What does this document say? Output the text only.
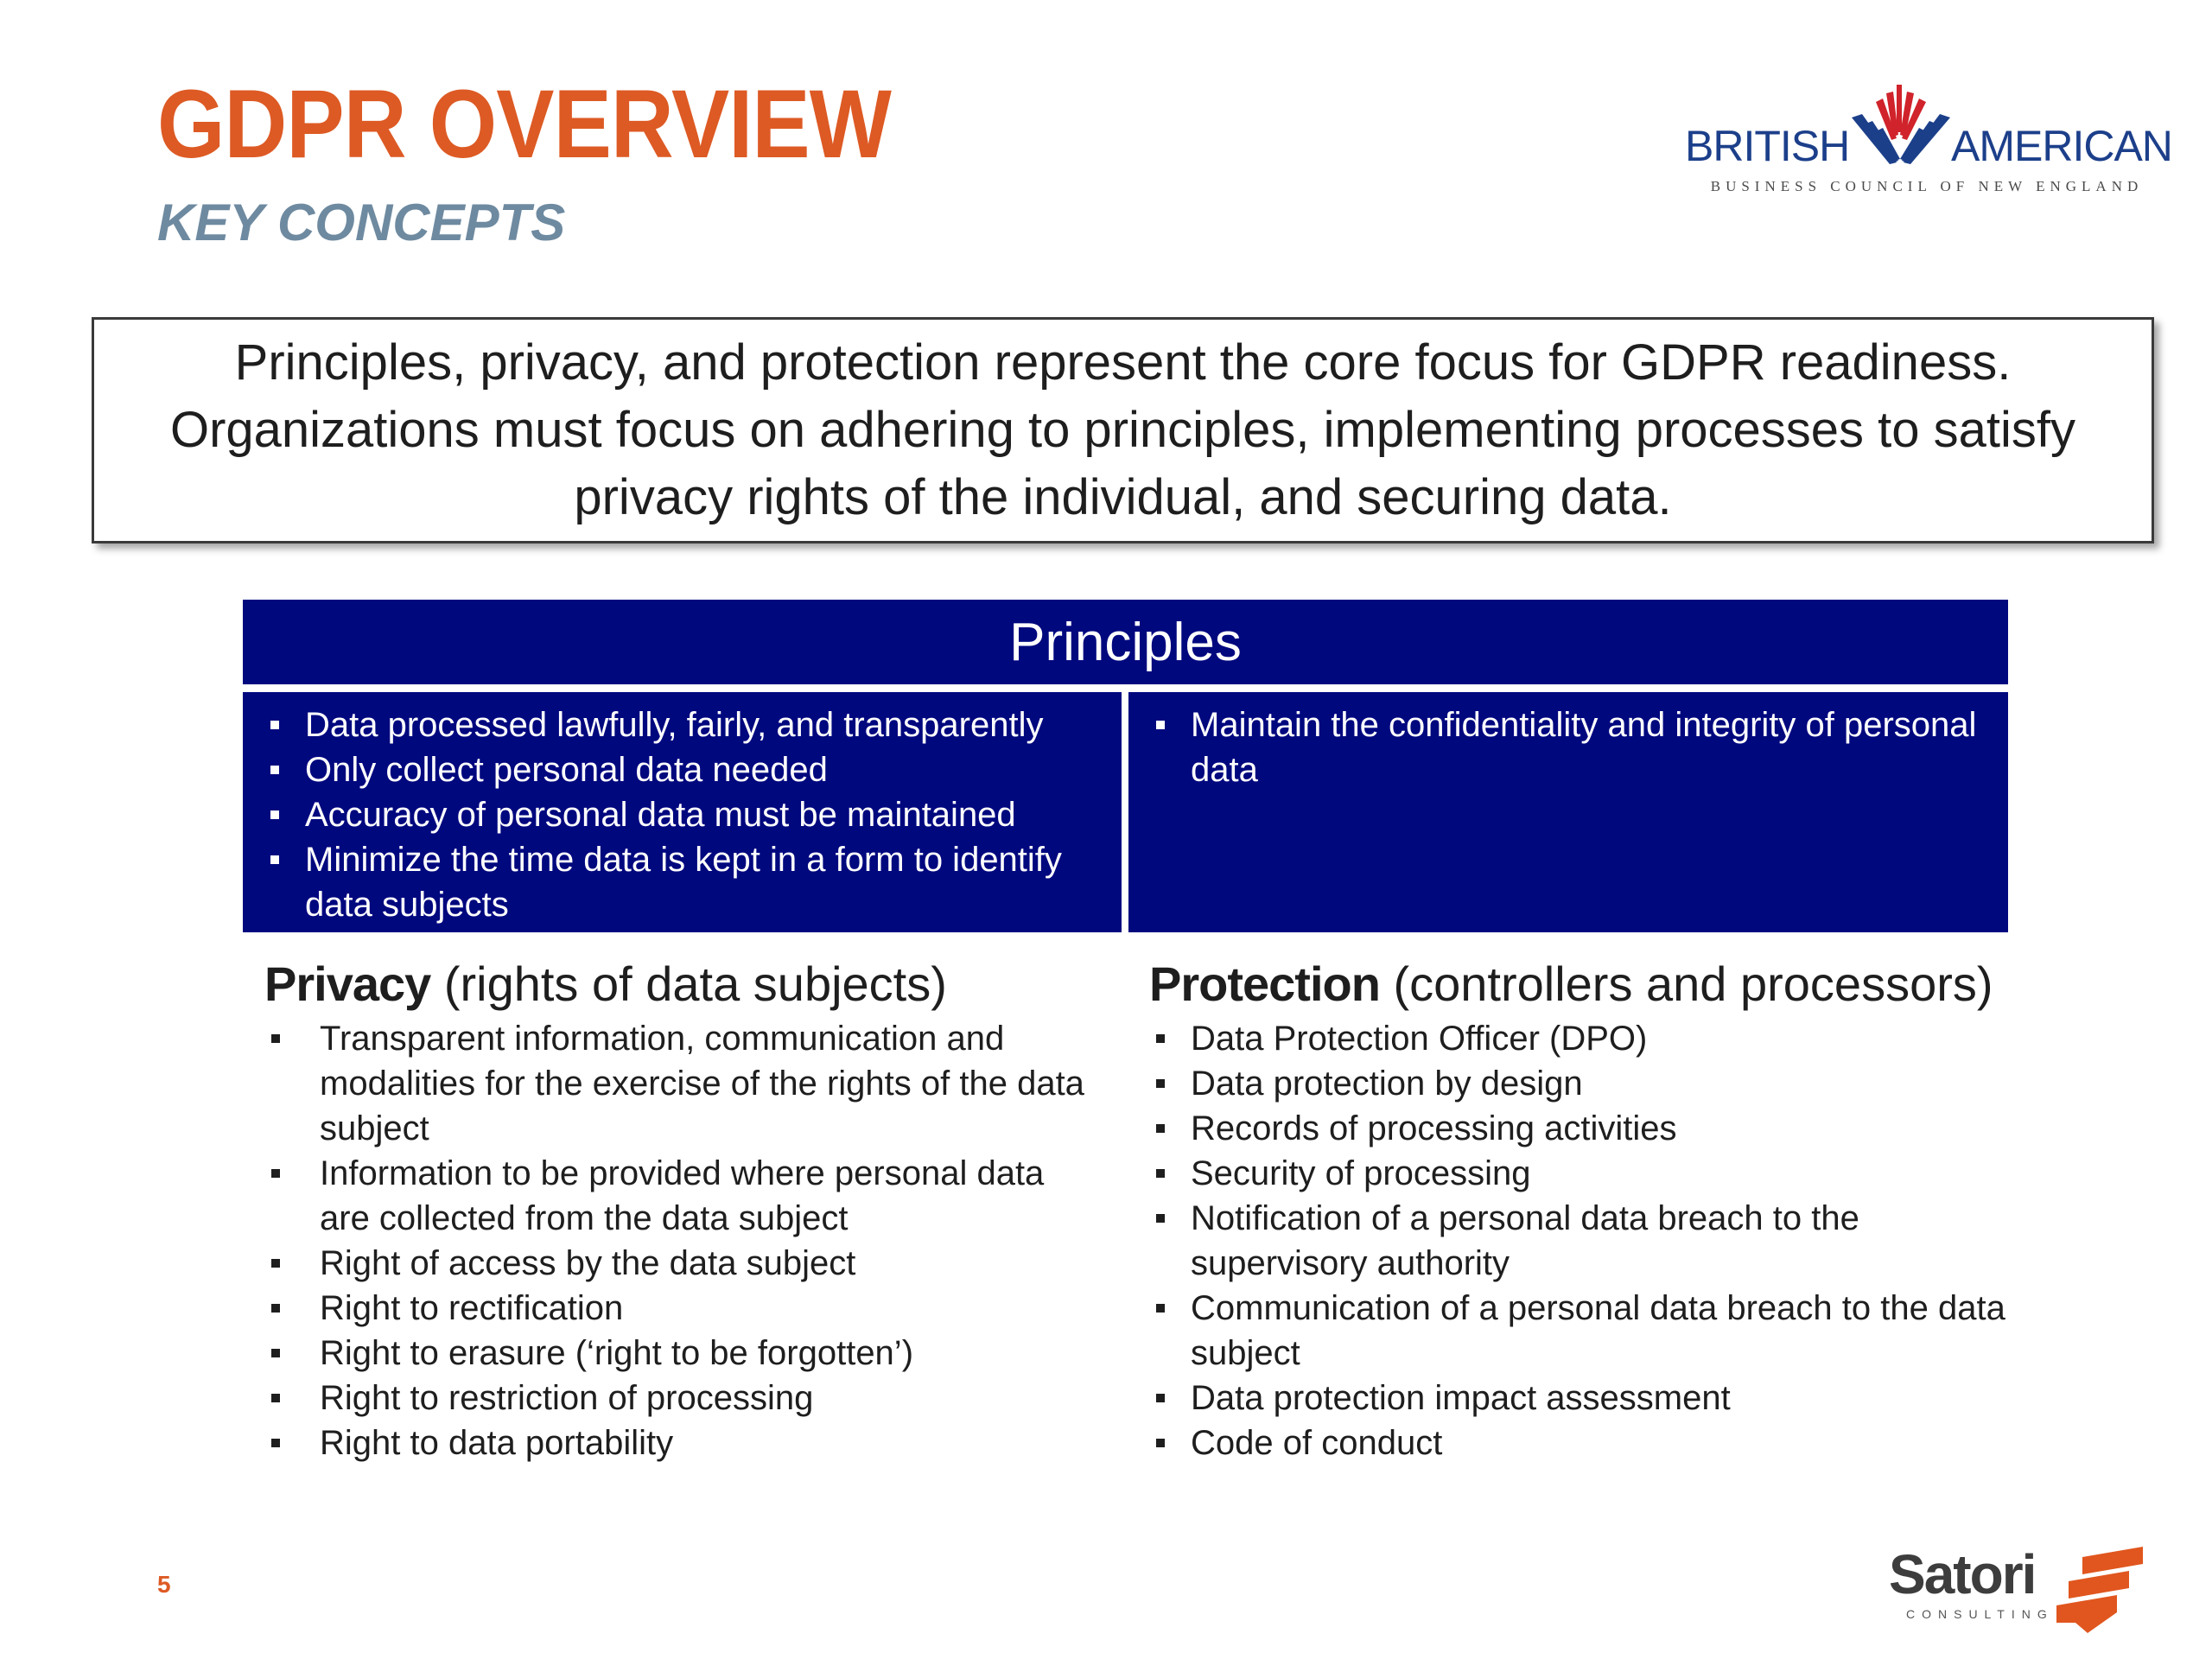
GDPR OVERVIEW
KEY CONCEPTS
BRITISH AMERICAN
BUSINESS COUNCIL OF NEW ENGLAND
Principles, privacy, and protection represent the core focus for GDPR readiness. Organizations must focus on adhering to principles, implementing processes to satisfy privacy rights of the individual, and securing data.
Principles
Data processed lawfully, fairly, and transparently
Only collect personal data needed
Accuracy of personal data must be maintained
Minimize the time data is kept in a form to identify data subjects
Maintain the confidentiality and integrity of personal data
Privacy (rights of data subjects)
Transparent information, communication and modalities for the exercise of the rights of the data subject
Information to be provided where personal data are collected from the data subject
Right of access by the data subject
Right to rectification
Right to erasure (‘right to be forgotten’)
Right to restriction of processing
Right to data portability
Protection (controllers and processors)
Data Protection Officer (DPO)
Data protection by design
Records of processing activities
Security of processing
Notification of a personal data breach to the supervisory authority
Communication of a personal data breach to the data subject
Data protection impact assessment
Code of conduct
5	Satori
CONSULTING
